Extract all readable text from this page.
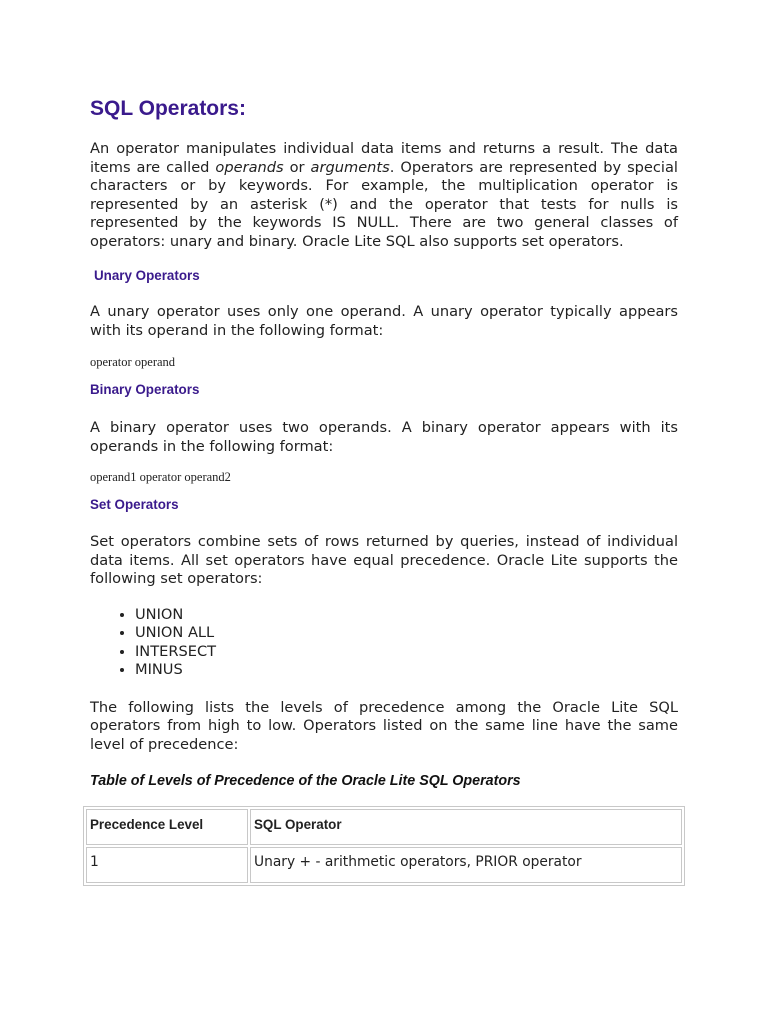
SQL Operators:

An operator manipulates individual data items and returns a result. The data items are called operands or arguments. Operators are represented by special characters or by keywords. For example, the multiplication operator is represented by an asterisk (*) and the operator that tests for nulls is represented by the keywords IS NULL. There are two general classes of operators: unary and binary. Oracle Lite SQL also supports set operators.

Unary Operators

A unary operator uses only one operand. A unary operator typically appears with its operand in the following format:

operator operand

Binary Operators

A binary operator uses two operands. A binary operator appears with its operands in the following format:

operand1 operator operand2

Set Operators

Set operators combine sets of rows returned by queries, instead of individual data items. All set operators have equal precedence. Oracle Lite supports the following set operators:

• UNION
• UNION ALL
• INTERSECT
• MINUS

The following lists the levels of precedence among the Oracle Lite SQL operators from high to low. Operators listed on the same line have the same level of precedence:

Table of Levels of Precedence of the Oracle Lite SQL Operators

Precedence Level	SQL Operator
1	Unary + - arithmetic operators, PRIOR operator
